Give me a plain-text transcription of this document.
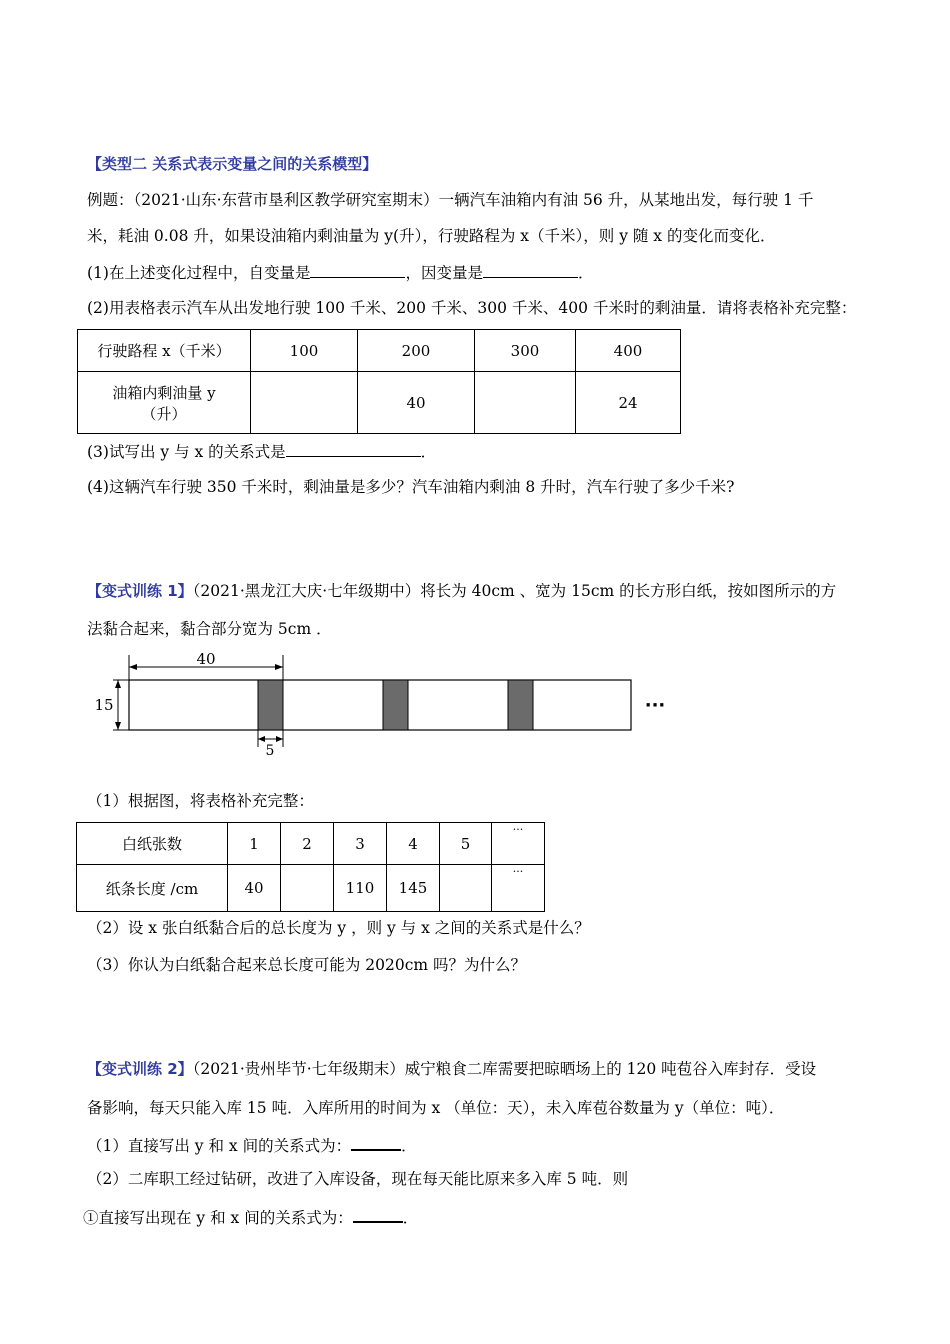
【类型二 关系式表示变量之间的关系模型】
例题：（2021·山东·东营市垦利区教学研究室期末）一辆汽车油箱内有油 56 升，从某地出发，每行驶 1 千
米，耗油 0.08 升，如果设油箱内剩油量为 y(升），行驶路程为 x（千米），则 y 随 x 的变化而变化．
(1)在上述变化过程中，自变量是	，因变量是	．
(2)用表格表示汽车从出发地行驶 100 千米、200 千米、300 千米、400 千米时的剩油量．请将表格补充完整：
行驶路程 x（千米）	100	200	300	400

油箱内剩油量 y
（升）		40		24
(3)试写出 y 与 x 的关系式是	．
(4)这辆汽车行驶 350 千米时，剩油量是多少？汽车油箱内剩油 8 升时，汽车行驶了多少千米?
【变式训练 1】（2021·黑龙江大庆·七年级期中）将长为 40cm 、宽为 15cm 的长方形白纸，按如图所示的方
法黏合起来，黏合部分宽为 5cm ．
40
15
5
···
（1）根据图，将表格补充完整：
白纸张数	1	2	3	4	5	···
纸条长度 /cm	40		110	145		···
（2）设 x 张白纸黏合后的总长度为 y ，则 y 与 x 之间的关系式是什么？
（3）你认为白纸黏合起来总长度可能为 2020cm 吗？为什么？
【变式训练 2】（2021·贵州毕节·七年级期末）威宁粮食二库需要把晾晒场上的 120 吨苞谷入库封存．受设
备影响，每天只能入库 15 吨．入库所用的时间为 x （单位：天），未入库苞谷数量为 y（单位：吨）．
（1）直接写出 y 和 x 间的关系式为：	．
（2）二库职工经过钻研，改进了入库设备，现在每天能比原来多入库 5 吨．则
①直接写出现在 y 和 x 间的关系式为：	．
